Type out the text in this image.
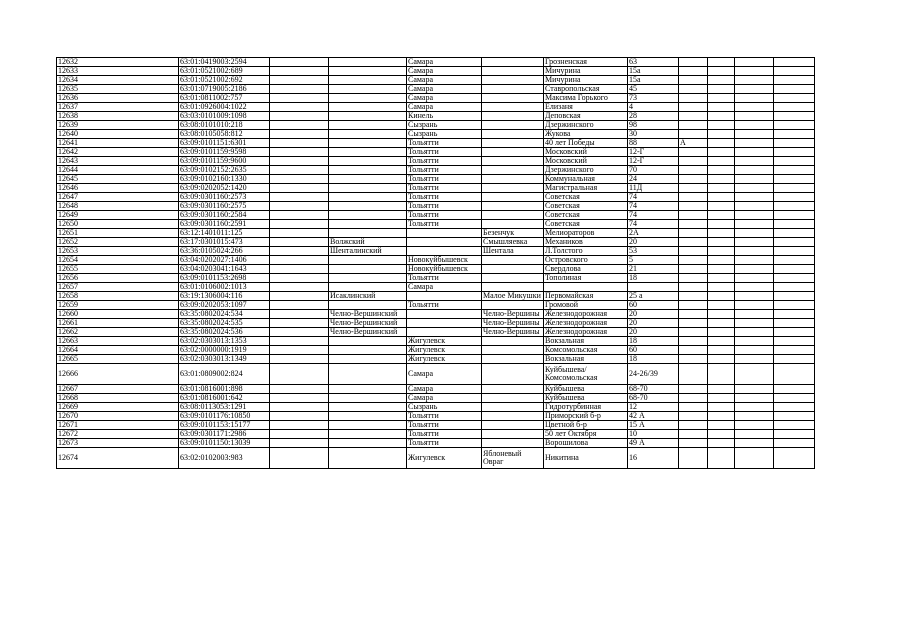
12632	63:01:0419003:2594			Самара		Грозненская	63				
12633	63:01:0521002:689			Самара		Мичурина	15а				
12634	63:01:0521002:692			Самара		Мичурина	15а				
12635	63:01:0719005:2186			Самара		Ставропольская	45				
12636	63:01:0811002:757			Самара		Максима Горького	73				
12637	63:01:0926004:1022			Самара		Елизаня	4				
12638	63:03:0101009:1098			Кинель		Деповская	28				
12639	63:08:0101010:218			Сызрань		Дзержинского	98				
12640	63:08:0105058:812			Сызрань		Жукова	30				
12641	63:09:0101151:6301			Тольятти		40 лет Победы	88	А			
12642	63:09:0101159:9598			Тольятти		Московский	12-Г				
12643	63:09:0101159:9600			Тольятти		Московский	12-Г				
12644	63:09:0102152:2635			Тольятти		Дзержинского	70				
12645	63:09:0102160:1330			Тольятти		Коммунальная	24				
12646	63:09:0202052:1420			Тольятти		Магистральная	11Д				
12647	63:09:0301160:2573			Тольятти		Советская	74				
12648	63:09:0301160:2575			Тольятти		Советская	74				
12649	63:09:0301160:2584			Тольятти		Советская	74				
12650	63:09:0301160:2591			Тольятти		Советская	74				
12651	63:12:1401011:125				Безенчук	Мелиораторов	2А				
12652	63:17:0301015:473		Волжский		Смышляевка	Механиков	20				
12653	63:36:0105024:266		Шенталинский		Шентала	Л.Толстого	53				
12654	63:04:0202027:1406			Новокуйбышевск		Островского	5				
12655	63:04:0203041:1643			Новокуйбышевск		Свердлова	21				
12656	63:09:0101153:2698			Тольятти		Тополиная	18				
12657	63:01:0106002:1013			Самара							
12658	63:19:1306004:116		Исаклинский		Малое Микушки	Первомайская	25 а				
12659	63:09:0202053:1097			Тольятти		Громовой	60				
12660	63:35:0802024:534		Челно-Вершинский		Челно-Вершины	Железнодорожная	20				
12661	63:35:0802024:535		Челно-Вершинский		Челно-Вершины	Железнодорожная	20				
12662	63:35:0802024:536		Челно-Вершинский		Челно-Вершины	Железнодорожная	20				
12663	63:02:0303013:1353			Жигулевск		Вокзальная	18				
12664	63:02:0000000:1919			Жигулевск		Комсомольская	60				
12665	63:02:0303013:1349			Жигулевск		Вокзальная	18				
12666	63:01:0809002:824			Самара		Куйбышева/Комсомольская	24-26/39				
12667	63:01:0816001:898			Самара		Куйбышева	68-70				
12668	63:01:0816001:642			Самара		Куйбышева	68-70				
12669	63:08:0113053:1291			Сызрань		Гидротурбинная	12				
12670	63:09:0101176:10850			Тольятти		Приморский б-р	42 А				
12671	63:09:0101153:15177			Тольятти		Цветной б-р	15 А				
12672	63:09:0301171:2986			Тольятти		50 лет Октября	10				
12673	63:09:0101150:13039			Тольятти		Ворошилова	49 А				
12674	63:02:0102003:983			Жигулевск	Яблоневый Овраг	Никитина	16				
